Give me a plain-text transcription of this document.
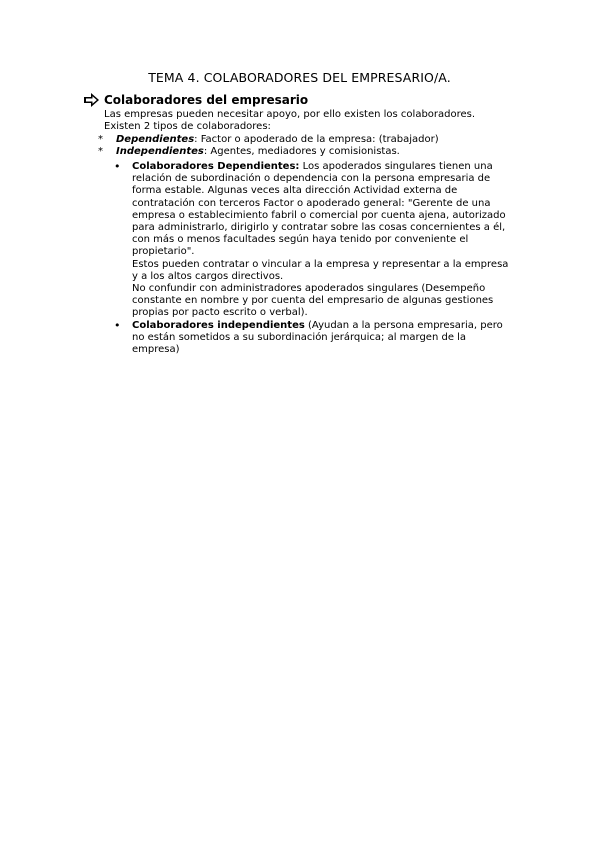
TEMA 4. COLABORADORES DEL EMPRESARIO/A.
Colaboradores del empresario
Las empresas pueden necesitar apoyo, por ello existen los colaboradores.
Existen 2 tipos de colaboradores:
*	Dependientes: Factor o apoderado de la empresa: (trabajador)
*	Independientes: Agentes, mediadores y comisionistas.
•	Colaboradores Dependientes: Los apoderados singulares tienen una relación de subordinación o dependencia con la persona empresaria de forma estable. Algunas veces alta dirección Actividad externa de contratación con terceros Factor o apoderado general: "Gerente de una empresa o establecimiento fabril o comercial por cuenta ajena, autorizado para administrarlo, dirigirlo y contratar sobre las cosas concernientes a él, con más o menos facultades según haya tenido por conveniente el propietario".

Estos pueden contratar o vincular a la empresa y representar a la empresa y a los altos cargos directivos.

No confundir con administradores apoderados singulares (Desempeño constante en nombre y por cuenta del empresario de algunas gestiones propias por pacto escrito o verbal).

•	Colaboradores independientes (Ayudan a la persona empresaria, pero no están sometidos a su subordinación jerárquica; al margen de la empresa)
